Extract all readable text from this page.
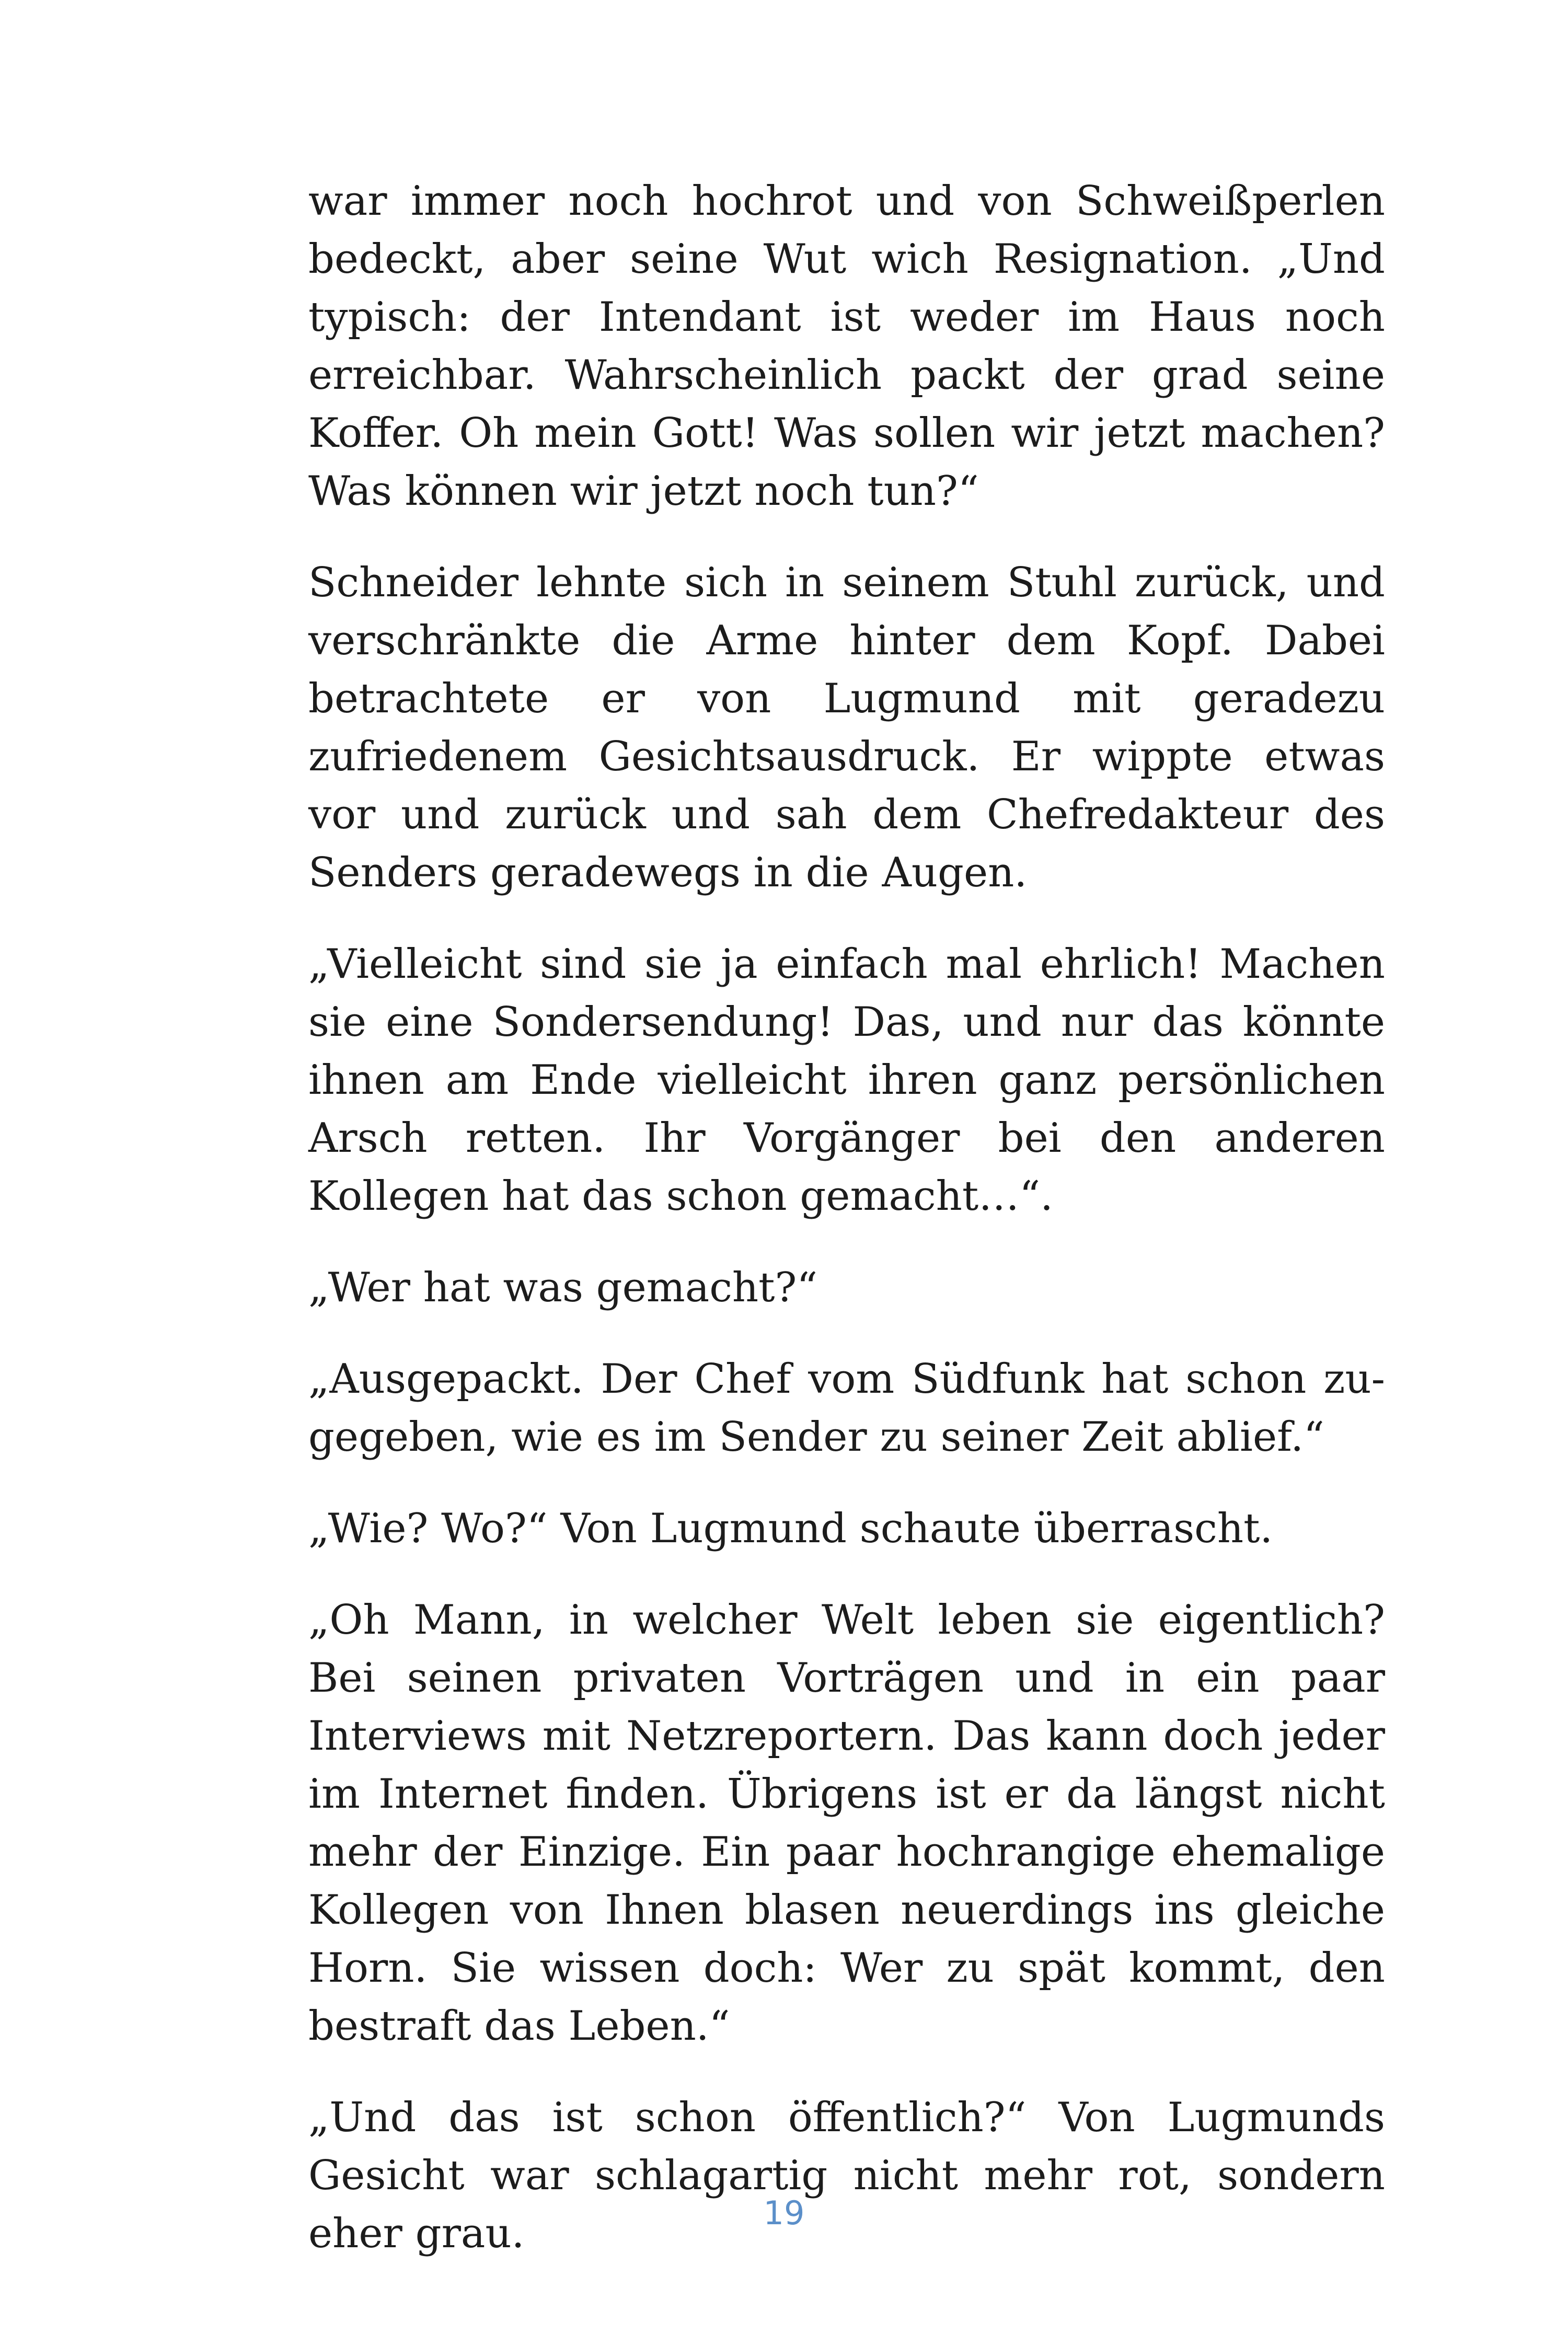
war immer noch hochrot und von Schweißperlen bedeckt, aber seine Wut wich Resignation. „Und typisch: der Intendant ist weder im Haus noch erreichbar. Wahrscheinlich packt der grad seine Koffer. Oh mein Gott! Was sollen wir jetzt machen? Was können wir jetzt noch tun?“

Schneider lehnte sich in seinem Stuhl zurück, und verschränkte die Arme hinter dem Kopf. Dabei betrachtete er von Lugmund mit geradezu zufriedenem Gesichtsausdruck. Er wippte etwas vor und zurück und sah dem Chefredakteur des Senders geradewegs in die Augen.

„Vielleicht sind sie ja einfach mal ehrlich! Machen sie eine Sondersendung! Das, und nur das könnte ihnen am Ende vielleicht ihren ganz persönlichen Arsch retten. Ihr Vorgänger bei den anderen Kollegen hat das schon gemacht…“.

„Wer hat was gemacht?“

„Ausgepackt. Der Chef vom Südfunk hat schon zugegeben, wie es im Sender zu seiner Zeit ablief.“

„Wie? Wo?“ Von Lugmund schaute überrascht.

„Oh Mann, in welcher Welt leben sie eigentlich? Bei seinen privaten Vorträgen und in ein paar Interviews mit Netzreportern. Das kann doch jeder im Internet finden. Übrigens ist er da längst nicht mehr der Einzige. Ein paar hochrangige ehemalige Kollegen von Ihnen blasen neuerdings ins gleiche Horn. Sie wissen doch: Wer zu spät kommt, den bestraft das Leben.“

„Und das ist schon öffentlich?“ Von Lugmunds Gesicht war schlagartig nicht mehr rot, sondern eher grau.	19
